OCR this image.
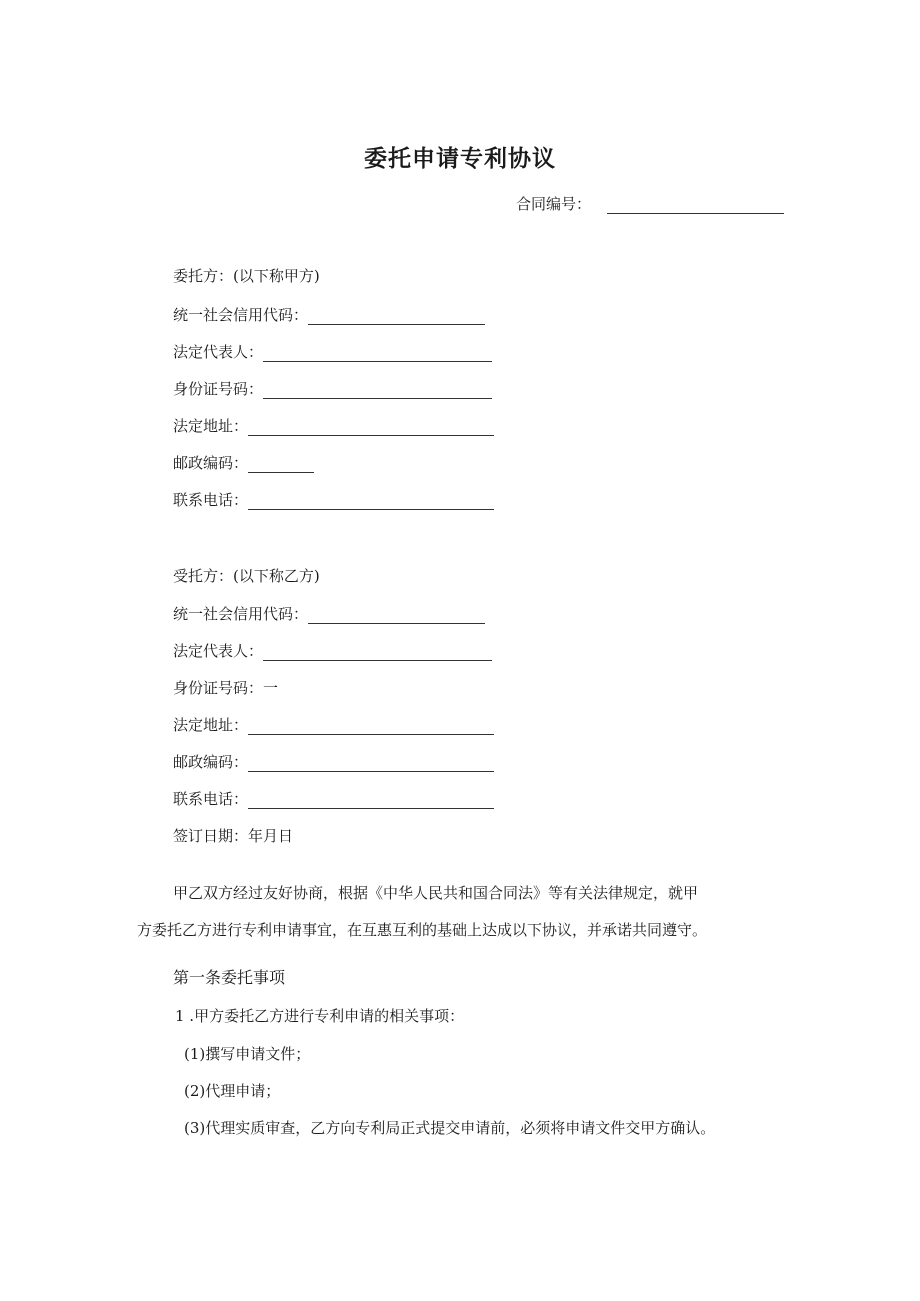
委托申请专利协议
合同编号：
委托方：(以下称甲方)
统一社会信用代码：
法定代表人：
身份证号码：
法定地址：
邮政编码：
联系电话：
受托方：(以下称乙方)
统一社会信用代码：
法定代表人：
身份证号码：一
法定地址：
邮政编码：
联系电话：
签订日期：年月日
甲乙双方经过友好协商，根据《中华人民共和国合同法》等有关法律规定，就甲
方委托乙方进行专利申请事宜，在互惠互利的基础上达成以下协议，并承诺共同遵守。
第一条委托事项
1 .甲方委托乙方进行专利申请的相关事项：
(1)撰写申请文件；
(2)代理申请；
(3)代理实质审查，乙方向专利局正式提交申请前，必须将申请文件交甲方确认。
